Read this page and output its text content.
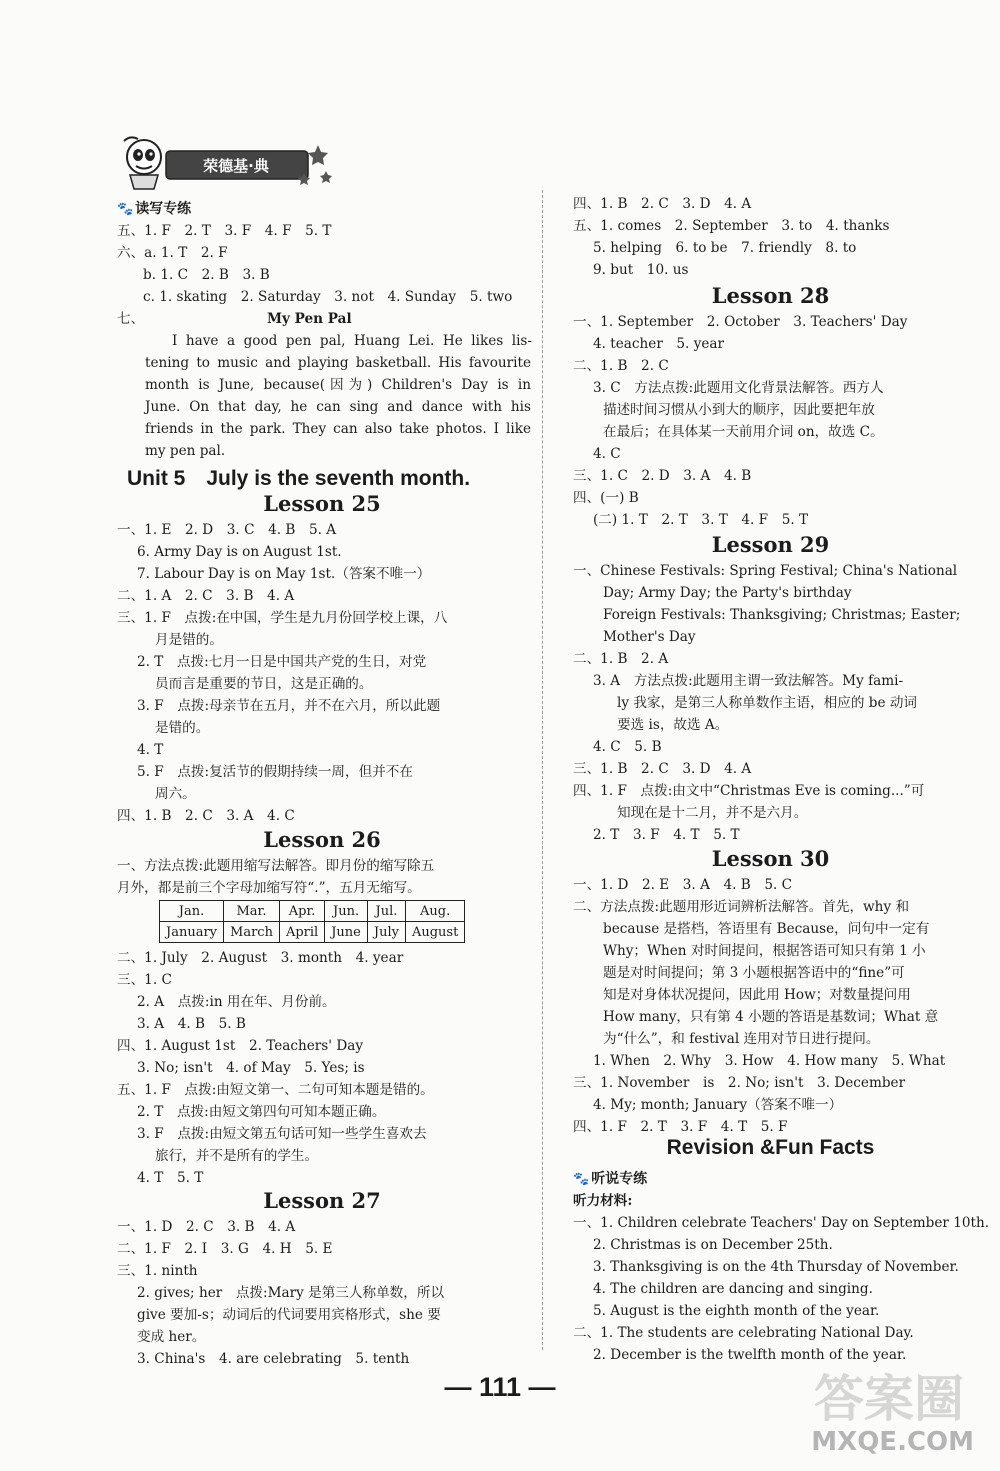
荣德基·典
🐾 读写专练
五、1. F　2. T　3. F　4. F　5. T
六、a. 1. T　2. F
b. 1. C　2. B　3. B
c. 1. skating　2. Saturday　3. not　4. Sunday　5. two
七、	My Pen Pal
I have a good pen pal, Huang Lei. He likes lis-
tening to music and playing basketball. His favourite
month is June, because(因为) Children's Day is in
June. On that day, he can sing and dance with his
friends in the park. They can also take photos. I like
my pen pal.
Unit 5　July is the seventh month.
Lesson 25
一、1. E　2. D　3. C　4. B　5. A
6. Army Day is on August 1st.
7. Labour Day is on May 1st.（答案不唯一）
二、1. A　2. C　3. B　4. A
三、1. F　点拨:在中国，学生是九月份回学校上课，八
月是错的。
2. T　点拨:七月一日是中国共产党的生日，对党
员而言是重要的节日，这是正确的。
3. F　点拨:母亲节在五月，并不在六月，所以此题
是错的。
4. T
5. F　点拨:复活节的假期持续一周，但并不在
周六。
四、1. B　2. C　3. A　4. C
Lesson 26
一、方法点拨:此题用缩写法解答。即月份的缩写除五
月外，都是前三个字母加缩写符“.”，五月无缩写。
Jan.	Mar.	Apr.	Jun.	Jul.	Aug.
January	March	April	June	July	August
二、1. July　2. August　3. month　4. year
三、1. C
2. A　点拨:in 用在年、月份前。
3. A　4. B　5. B
四、1. August 1st　2. Teachers' Day
3. No; isn't　4. of May　5. Yes; is
五、1. F　点拨:由短文第一、二句可知本题是错的。
2. T　点拨:由短文第四句可知本题正确。
3. F　点拨:由短文第五句话可知一些学生喜欢去
旅行，并不是所有的学生。
4. T　5. T
Lesson 27
一、1. D　2. C　3. B　4. A
二、1. F　2. I　3. G　4. H　5. E
三、1. ninth
2. gives; her　点拨:Mary 是第三人称单数，所以
give 要加-s；动词后的代词要用宾格形式，she 要
变成 her。
3. China's　4. are celebrating　5. tenth
四、1. B　2. C　3. D　4. A
五、1. comes　2. September　3. to　4. thanks
5. helping　6. to be　7. friendly　8. to
9. but　10. us
Lesson 28
一、1. September　2. October　3. Teachers' Day
4. teacher　5. year
二、1. B　2. C
3. C　方法点拨:此题用文化背景法解答。西方人
描述时间习惯从小到大的顺序，因此要把年放
在最后；在具体某一天前用介词 on，故选 C。
4. C
三、1. C　2. D　3. A　4. B
四、(一) B
(二) 1. T　2. T　3. T　4. F　5. T
Lesson 29
一、Chinese Festivals: Spring Festival; China's National
Day; Army Day; the Party's birthday
Foreign Festivals: Thanksgiving; Christmas; Easter;
Mother's Day
二、1. B　2. A
3. A　方法点拨:此题用主谓一致法解答。My fami-
ly 我家，是第三人称单数作主语，相应的 be 动词
要选 is，故选 A。
4. C　5. B
三、1. B　2. C　3. D　4. A
四、1. F　点拨:由文中“Christmas Eve is coming...”可
知现在是十二月，并不是六月。
2. T　3. F　4. T　5. T
Lesson 30
一、1. D　2. E　3. A　4. B　5. C
二、方法点拨:此题用形近词辨析法解答。首先，why 和
because 是搭档，答语里有 Because，问句中一定有
Why；When 对时间提问，根据答语可知只有第 1 小
题是对时间提问；第 3 小题根据答语中的“fine”可
知是对身体状况提问，因此用 How；对数量提问用
How many，只有第 4 小题的答语是基数词；What 意
为“什么”，和 festival 连用对节日进行提问。
1. When　2. Why　3. How　4. How many　5. What
三、1. November　is　2. No; isn't　3. December
4. My; month; January（答案不唯一）
四、1. F　2. T　3. F　4. T　5. F
Revision &Fun Facts
🐾 听说专练
听力材料:
一、1. Children celebrate Teachers' Day on September 10th.
2. Christmas is on December 25th.
3. Thanksgiving is on the 4th Thursday of November.
4. The children are dancing and singing.
5. August is the eighth month of the year.
二、1. The students are celebrating National Day.
2. December is the twelfth month of the year.
— 111 —	答案圈
MXQE.COM
